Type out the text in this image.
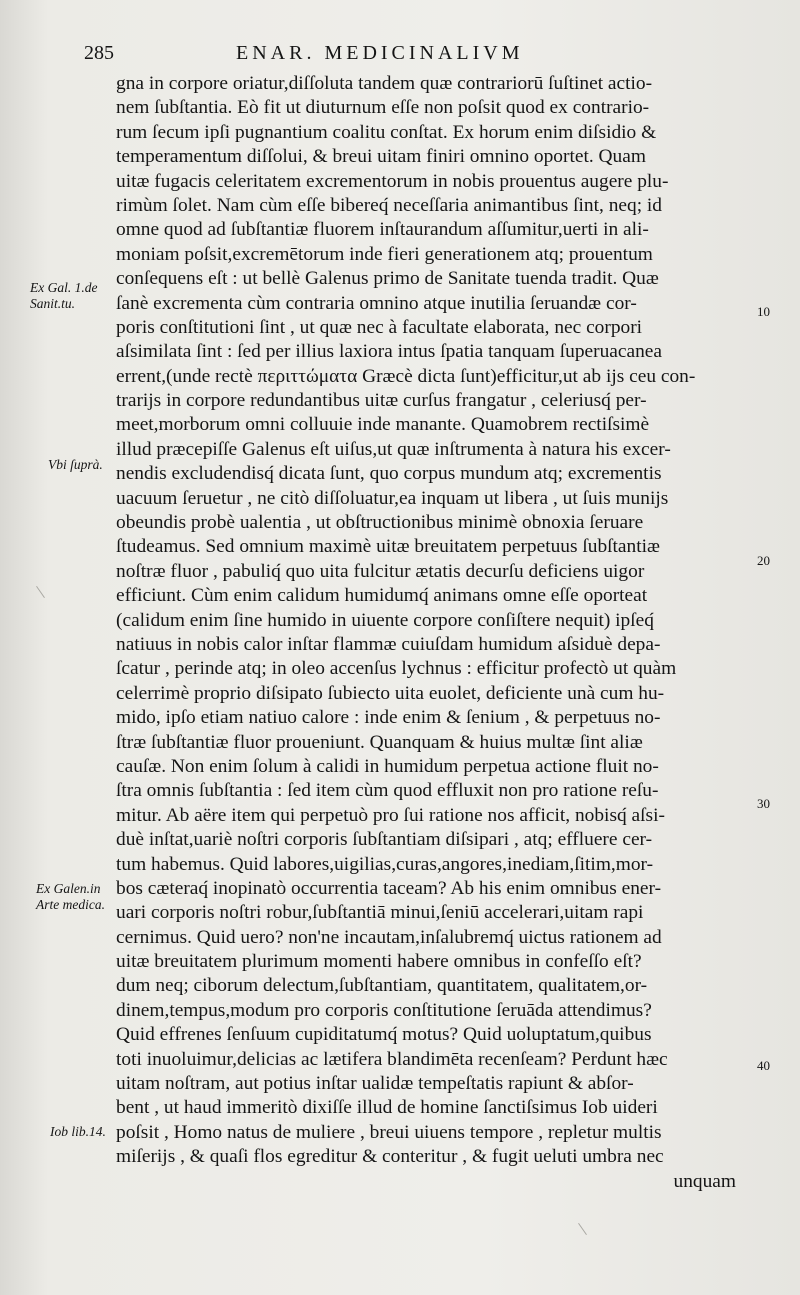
285	ENAR. MEDICINALIVM
gna in corpore oriatur,diſſoluta tandem quæ contrariorū ſuſtinet actio-
nem ſubſtantia. Eò fit ut diuturnum eſſe non poſsit quod ex contrario-
rum ſecum ipſi pugnantium coalitu conſtat. Ex horum enim diſsidio &
temperamentum diſſolui, & breui uitam finiri omnino oportet. Quam
uitæ fugacis celeritatem excrementorum in nobis prouentus augere plu-
rimùm ſolet. Nam cùm eſſe bibereq́ neceſſaria animantibus ſint, neq; id
omne quod ad ſubſtantiæ fluorem inſtaurandum aſſumitur,uerti in ali-
moniam poſsit,excremētorum inde fieri generationem atq; prouentum
conſequens eſt : ut bellè Galenus primo de Sanitate tuenda tradit. Quæ
ſanè excrementa cùm contraria omnino atque inutilia ſeruandæ cor-
poris conſtitutioni ſint , ut quæ nec à facultate elaborata, nec corpori
aſsimilata ſint : ſed per illius laxiora intus ſpatia tanquam ſuperuacanea
errent,(unde rectè περιττώματα Græcè dicta ſunt)efficitur,ut ab ijs ceu con-
trarijs in corpore redundantibus uitæ curſus frangatur , celeriusq́ per-
meet,morborum omni colluuie inde manante. Quamobrem rectiſsimè
illud præcepiſſe Galenus eſt uiſus,ut quæ inſtrumenta à natura his excer-
nendis excludendisq́ dicata ſunt, quo corpus mundum atq; excrementis
uacuum ſeruetur , ne citò diſſoluatur,ea inquam ut libera , ut ſuis munijs
obeundis probè ualentia , ut obſtructionibus minimè obnoxia ſeruare
ſtudeamus. Sed omnium maximè uitæ breuitatem perpetuus ſubſtantiæ
noſtræ fluor , pabuliq́ quo uita fulcitur ætatis decurſu deficiens uigor
efficiunt. Cùm enim calidum humidumq́ animans omne eſſe oporteat
(calidum enim ſine humido in uiuente corpore conſiſtere nequit) ipſeq́
natiuus in nobis calor inſtar flammæ cuiuſdam humidum aſsiduè depa-
ſcatur , perinde atq; in oleo accenſus lychnus : efficitur profectò ut quàm
celerrimè proprio diſsipato ſubiecto uita euolet, deficiente unà cum hu-
mido, ipſo etiam natiuo calore : inde enim & ſenium , & perpetuus no-
ſtræ ſubſtantiæ fluor proueniunt. Quanquam & huius multæ ſint aliæ
cauſæ. Non enim ſolum à calidi in humidum perpetua actione fluit no-
ſtra omnis ſubſtantia : ſed item cùm quod effluxit non pro ratione reſu-
mitur. Ab aëre item qui perpetuò pro ſui ratione nos afficit, nobisq́ aſsi-
duè inſtat,uariè noſtri corporis ſubſtantiam diſsipari , atq; effluere cer-
tum habemus. Quid labores,uigilias,curas,angores,inediam,ſitim,mor-
bos cæteraq́ inopinatò occurrentia taceam? Ab his enim omnibus ener-
uari corporis noſtri robur,ſubſtantiā minui,ſeniū accelerari,uitam rapi
cernimus. Quid uero? non'ne incautam,inſalubremq́ uictus rationem ad
uitæ breuitatem plurimum momenti habere omnibus in confeſſo eſt?
dum neq; ciborum delectum,ſubſtantiam, quantitatem, qualitatem,or-
dinem,tempus,modum pro corporis conſtitutione ſeruāda attendimus?
Quid effrenes ſenſuum cupiditatumq́ motus? Quid uoluptatum,quibus
toti inuoluimur,delicias ac lætifera blandimēta recenſeam? Perdunt hæc
uitam noſtram, aut potius inſtar ualidæ tempeſtatis rapiunt & abſor-
bent , ut haud immeritò dixiſſe illud de homine ſanctiſsimus Iob uideri
poſsit , Homo natus de muliere , breui uiuens tempore , repletur multis
miſerijs , & quaſi flos egreditur & conteritur , & fugit ueluti umbra nec
unquam
Ex Gal. 1.de
Sanit.tu.
Vbi ſuprà.
Ex Galen.in
Arte medica.
Iob lib.14.
10
20
30
40
